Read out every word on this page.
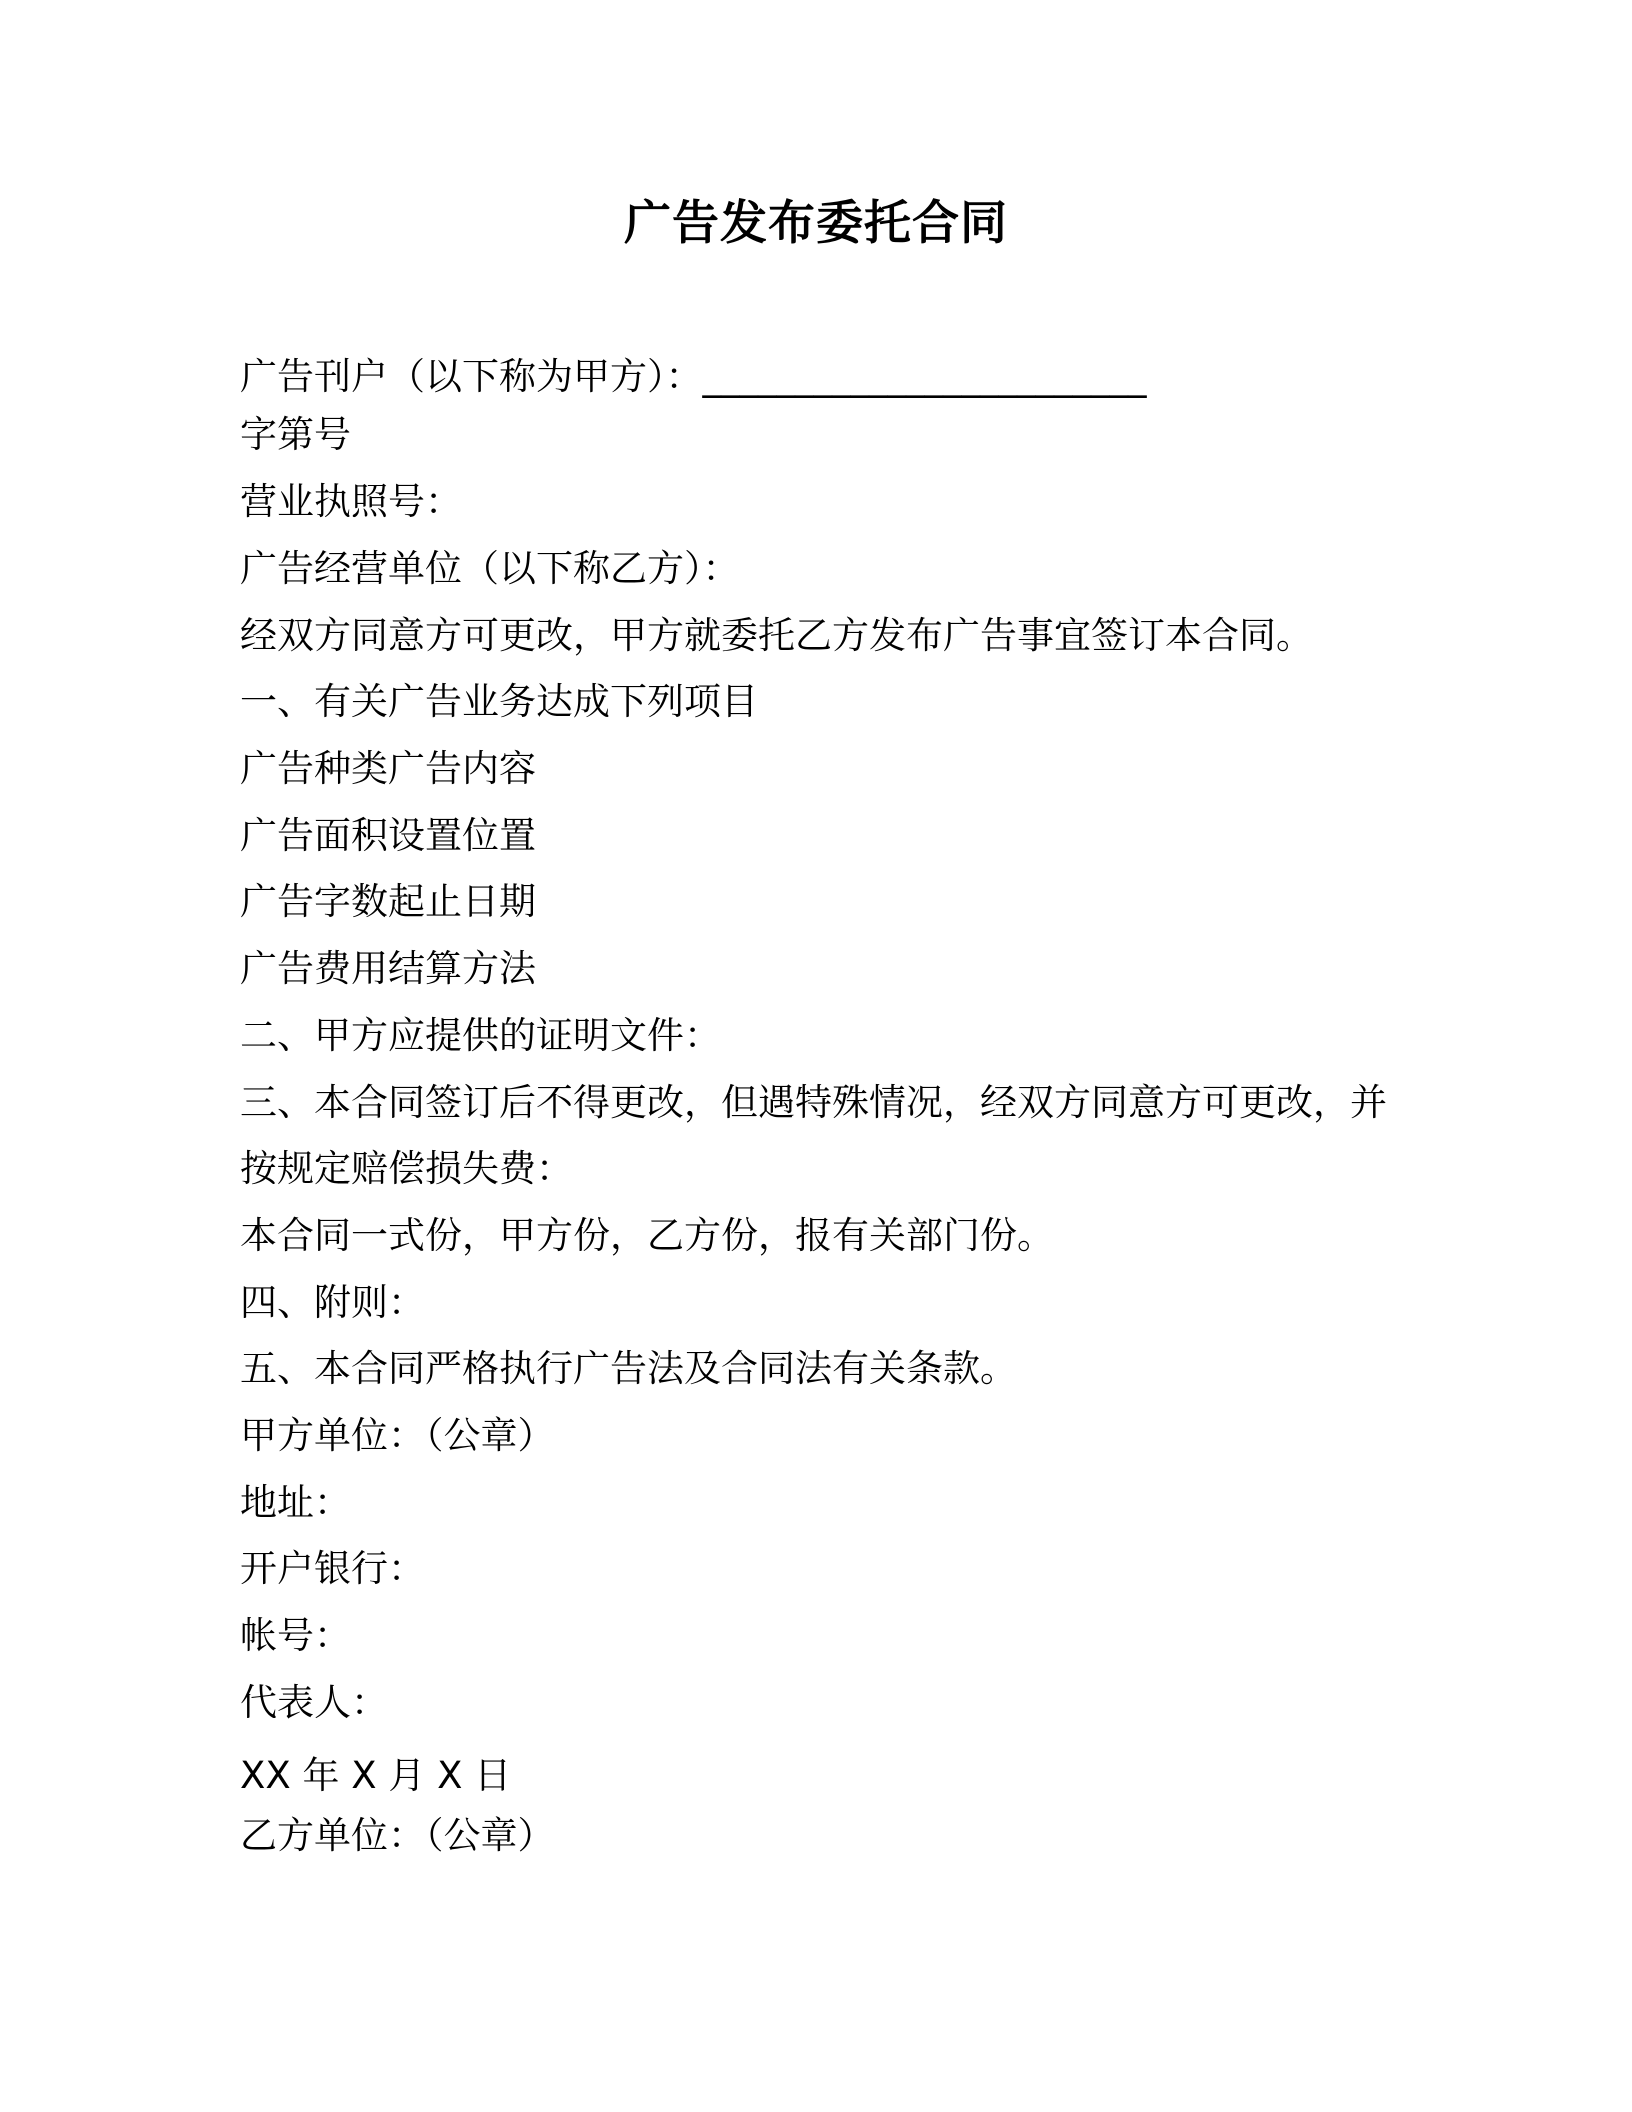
广告发布委托合同
广告刊户（以下称为甲方）：________________________
字第号
营业执照号：
广告经营单位（以下称乙方）：
经双方同意方可更改，甲方就委托乙方发布广告事宜签订本合同。
一、有关广告业务达成下列项目
广告种类广告内容
广告面积设置位置
广告字数起止日期
广告费用结算方法
二、甲方应提供的证明文件：
三、本合同签订后不得更改，但遇特殊情况，经双方同意方可更改，并
按规定赔偿损失费：
本合同一式份，甲方份，乙方份，报有关部门份。
四、附则：
五、本合同严格执行广告法及合同法有关条款。
甲方单位：（公章）
地址：
开户银行：
帐号：
代表人：
XX 年 X 月 X 日
乙方单位：（公章）
